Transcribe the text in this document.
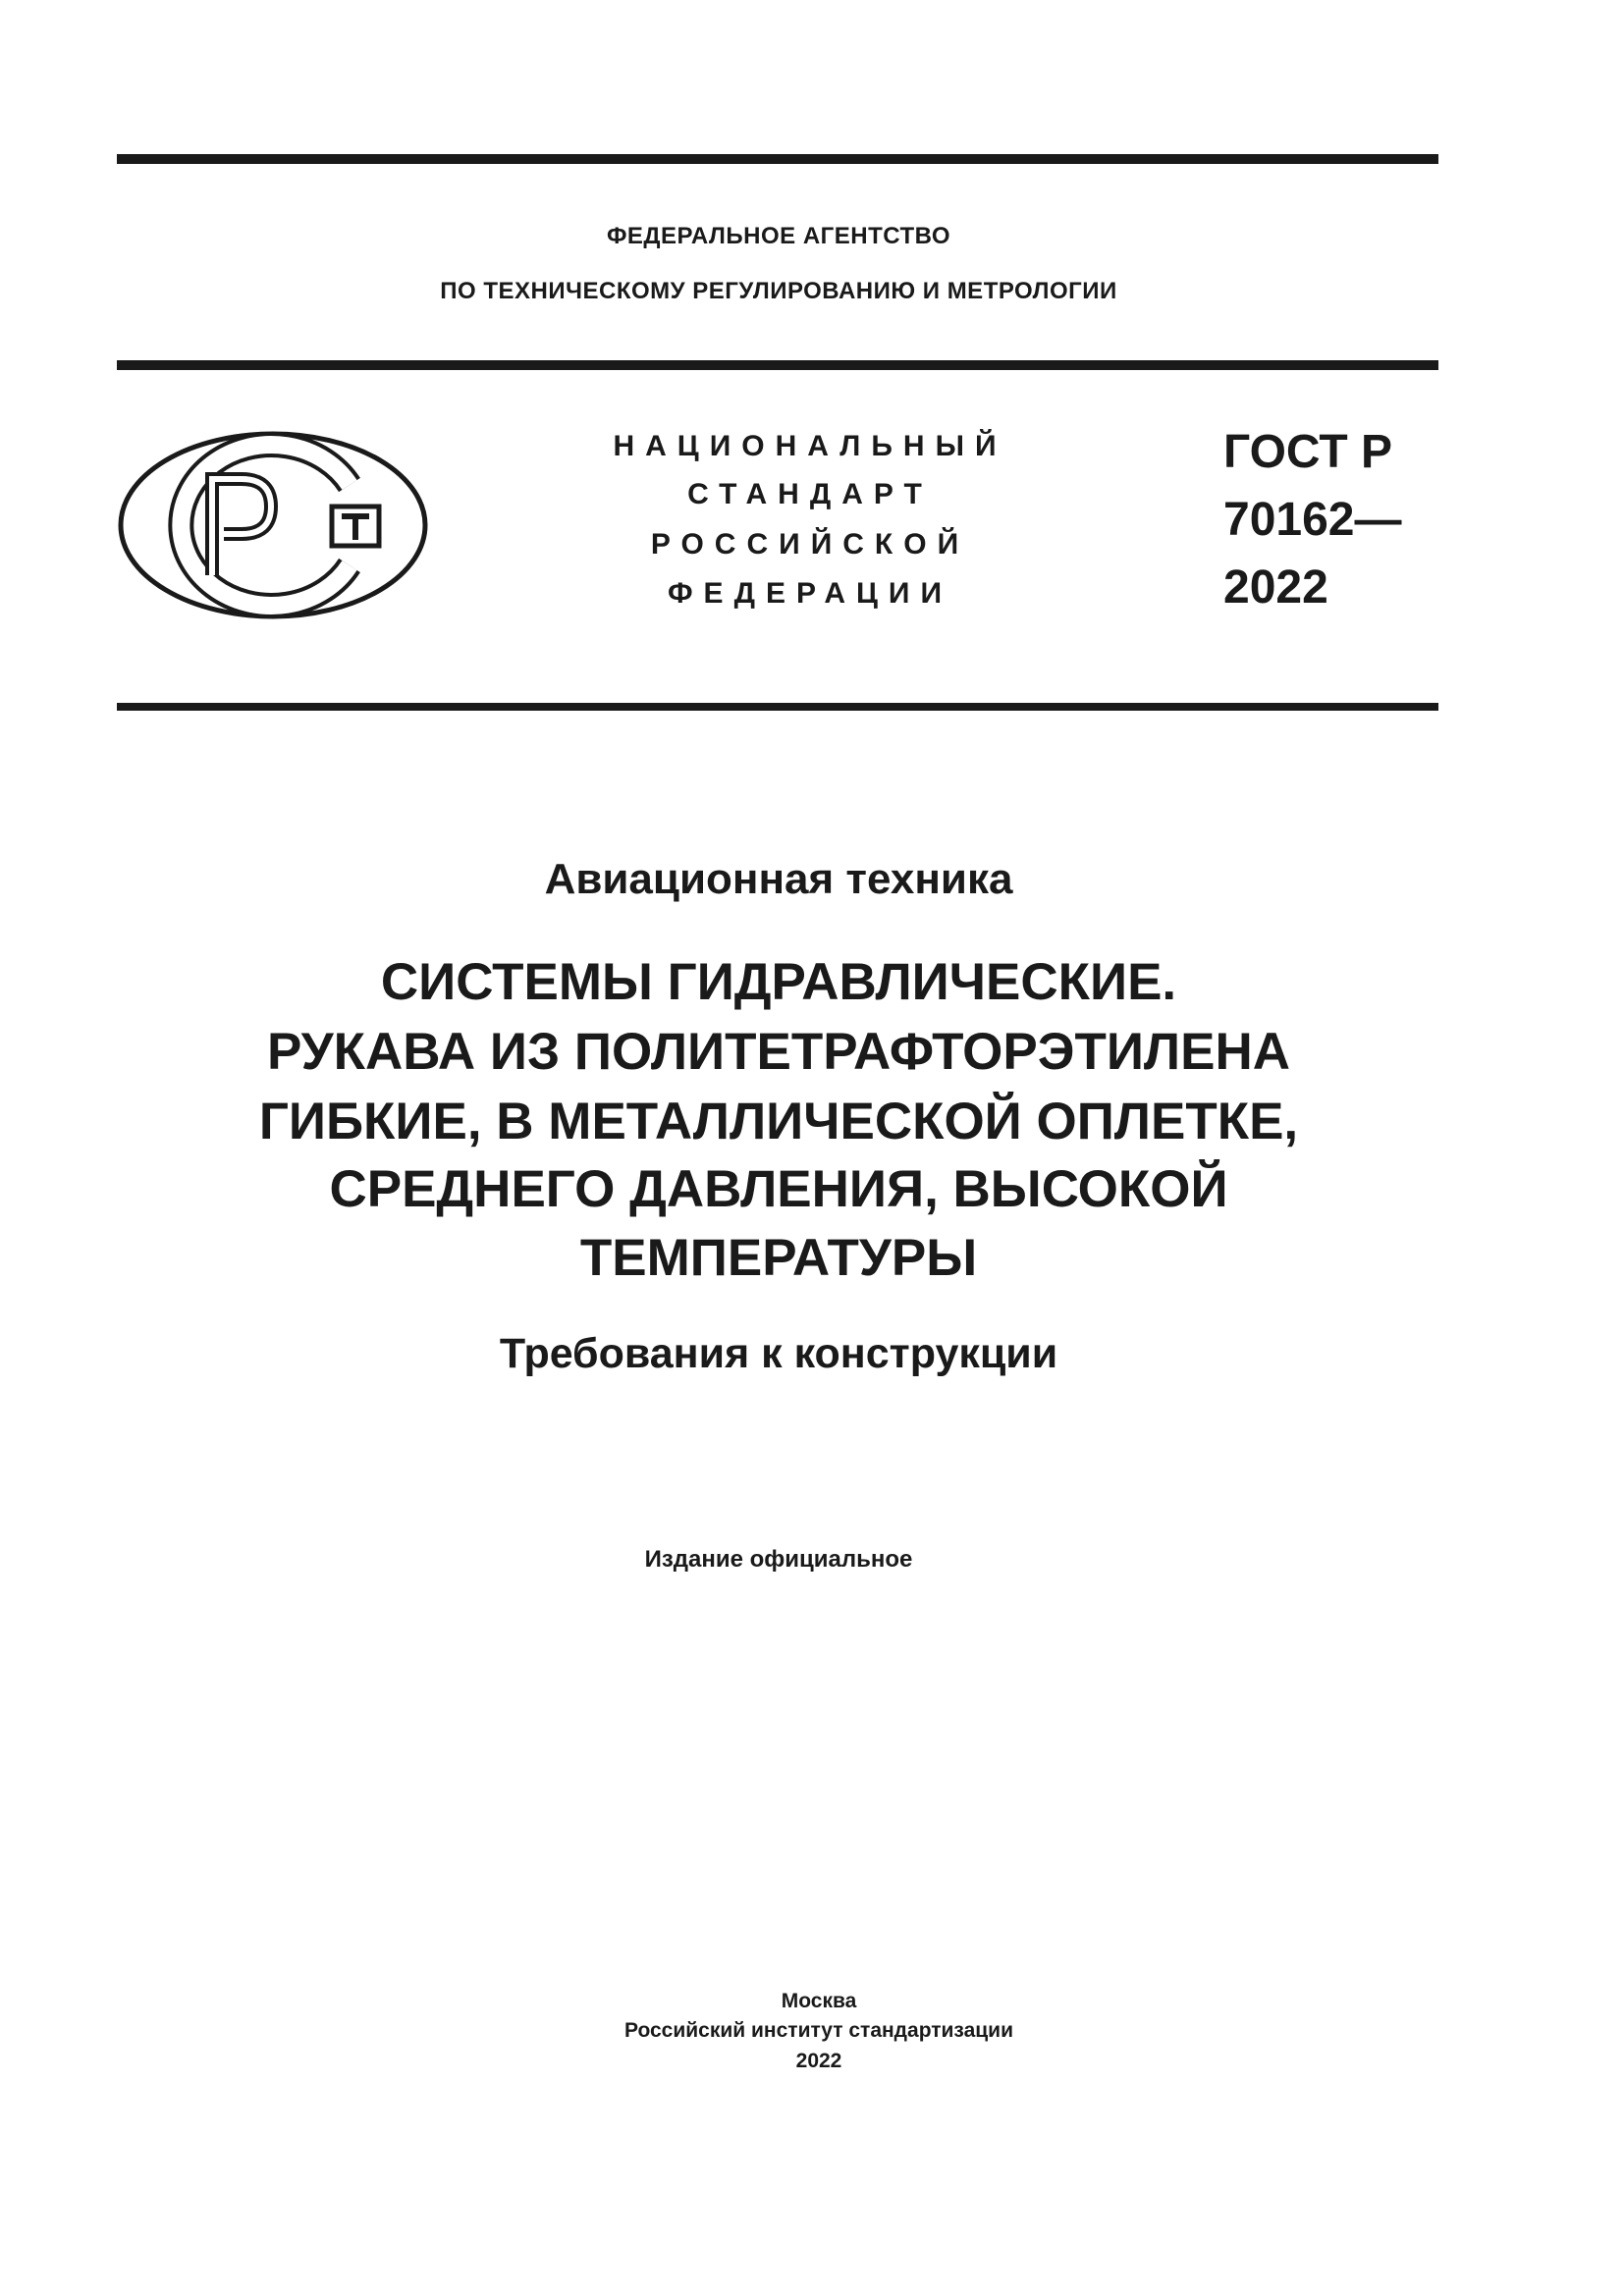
ФЕДЕРАЛЬНОЕ АГЕНТСТВО
ПО ТЕХНИЧЕСКОМУ РЕГУЛИРОВАНИЮ И МЕТРОЛОГИИ
НАЦИОНАЛЬНЫЙ
СТАНДАРТ
РОССИЙСКОЙ
ФЕДЕРАЦИИ
ГОСТ Р
70162—
2022
Авиационная техника
СИСТЕМЫ ГИДРАВЛИЧЕСКИЕ.
РУКАВА ИЗ ПОЛИТЕТРАФТОРЭТИЛЕНА
ГИБКИЕ, В МЕТАЛЛИЧЕСКОЙ ОПЛЕТКЕ,
СРЕДНЕГО ДАВЛЕНИЯ, ВЫСОКОЙ
ТЕМПЕРАТУРЫ
Требования к конструкции
Издание официальное
Москва
Российский институт стандартизации
2022
